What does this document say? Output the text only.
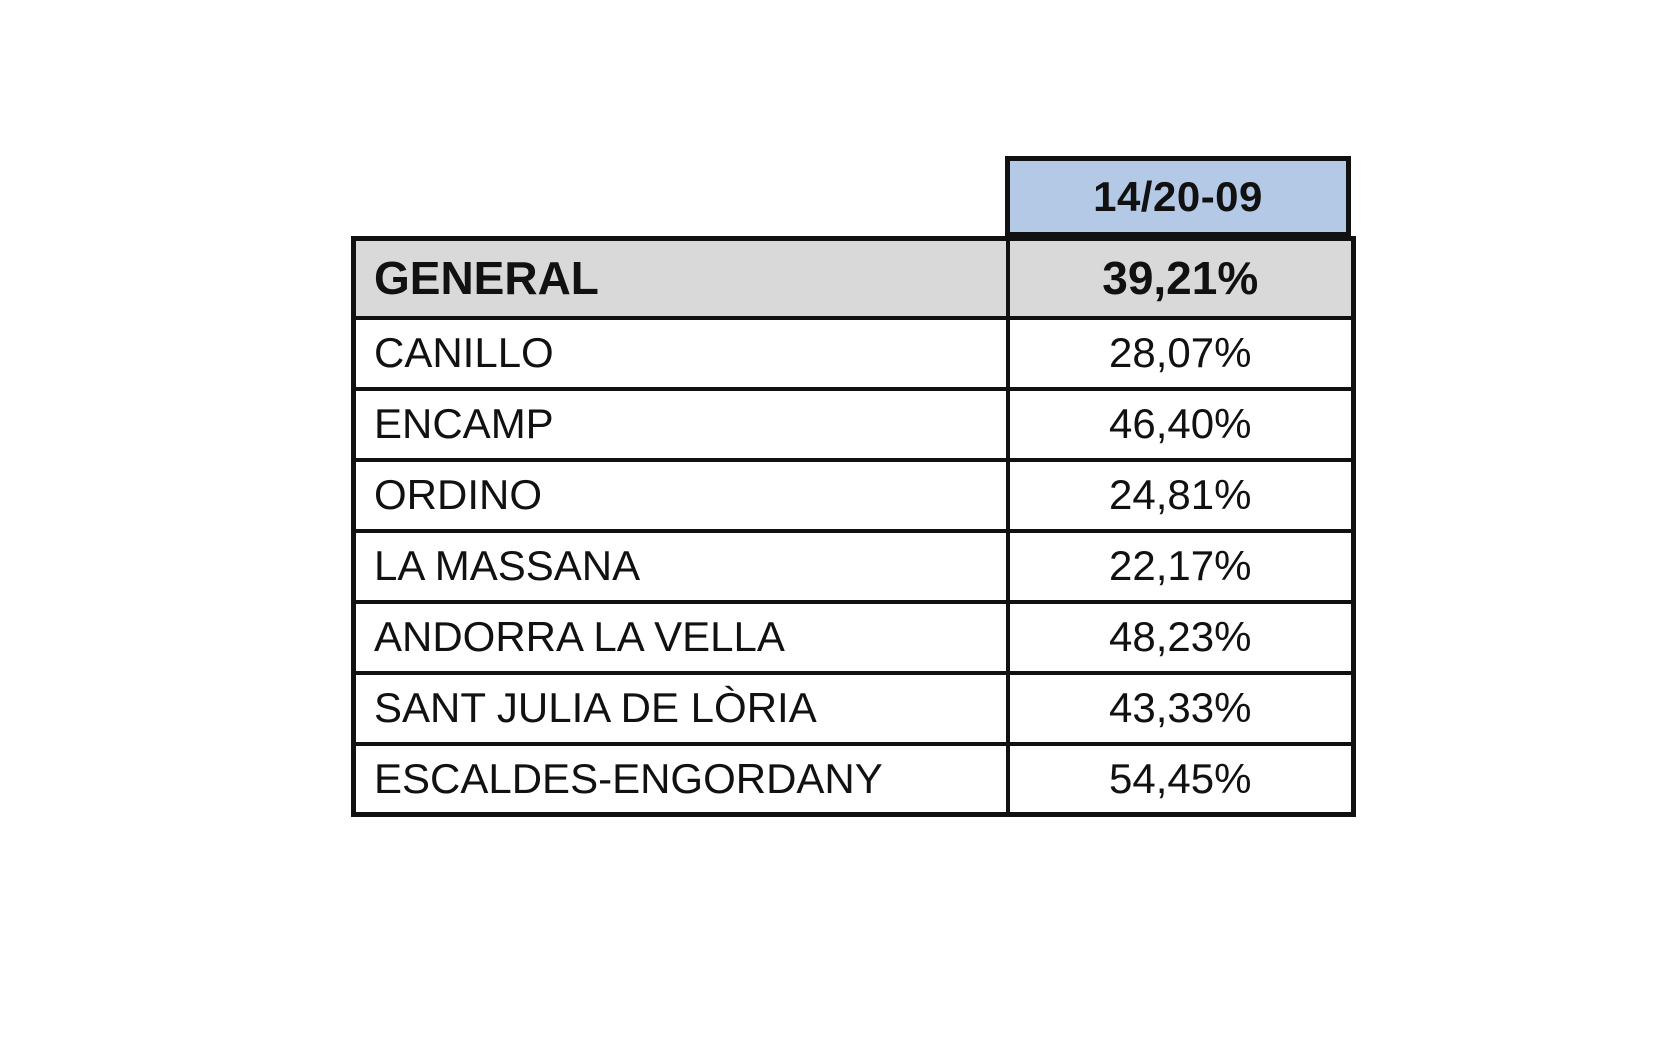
14/20-09
GENERAL	39,21%
CANILLO	28,07%
ENCAMP	46,40%
ORDINO	24,81%
LA MASSANA	22,17%
ANDORRA LA VELLA	48,23%
SANT JULIA DE LÒRIA	43,33%
ESCALDES-ENGORDANY	54,45%
